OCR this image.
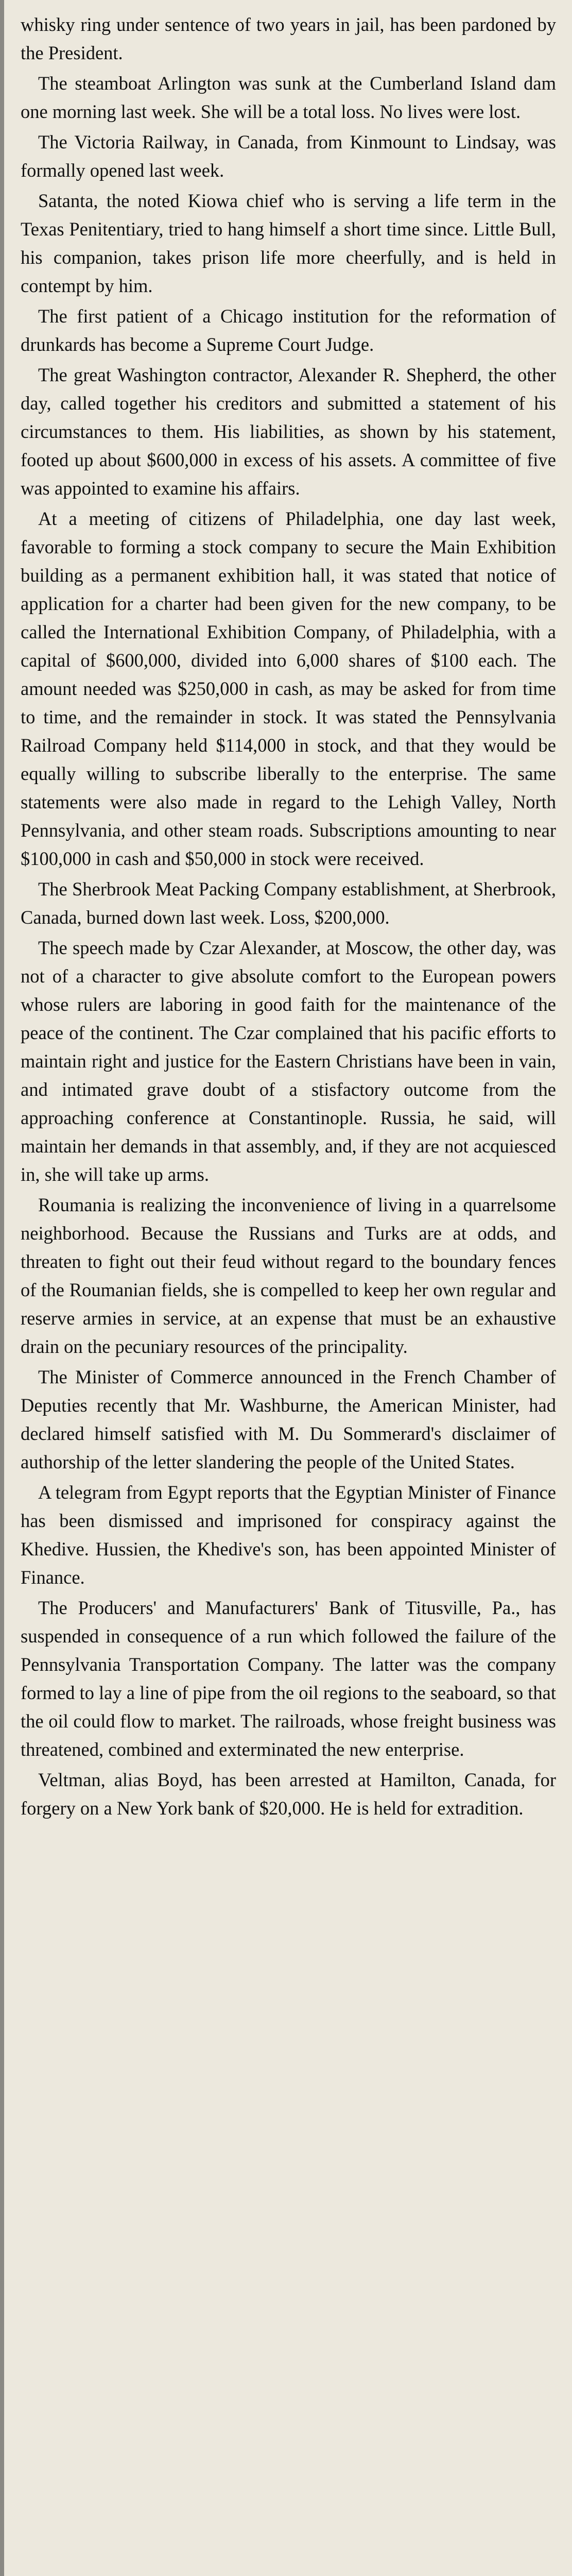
whisky ring under sentence of two years in jail, has been pardoned by the President.

The steamboat Arlington was sunk at the Cumberland Island dam one morning last week. She will be a total loss. No lives were lost.

The Victoria Railway, in Canada, from Kinmount to Lindsay, was formally opened last week.

Satanta, the noted Kiowa chief who is serving a life term in the Texas Penitentiary, tried to hang himself a short time since. Little Bull, his companion, takes prison life more cheerfully, and is held in contempt by him.

The first patient of a Chicago institution for the reformation of drunkards has become a Supreme Court Judge.

The great Washington contractor, Alexander R. Shepherd, the other day, called together his creditors and submitted a statement of his circumstances to them. His liabilities, as shown by his statement, footed up about $600,000 in excess of his assets. A committee of five was appointed to examine his affairs.

At a meeting of citizens of Philadelphia, one day last week, favorable to forming a stock company to secure the Main Exhibition building as a permanent exhibition hall, it was stated that notice of application for a charter had been given for the new company, to be called the International Exhibition Company, of Philadelphia, with a capital of $600,000, divided into 6,000 shares of $100 each. The amount needed was $250,000 in cash, as may be asked for from time to time, and the remainder in stock. It was stated the Pennsylvania Railroad Company held $114,000 in stock, and that they would be equally willing to subscribe liberally to the enterprise. The same statements were also made in regard to the Lehigh Valley, North Pennsylvania, and other steam roads. Subscriptions amounting to near $100,000 in cash and $50,000 in stock were received.

The Sherbrook Meat Packing Company establishment, at Sherbrook, Canada, burned down last week. Loss, $200,000.

The speech made by Czar Alexander, at Moscow, the other day, was not of a character to give absolute comfort to the European powers whose rulers are laboring in good faith for the maintenance of the peace of the continent. The Czar complained that his pacific efforts to maintain right and justice for the Eastern Christians have been in vain, and intimated grave doubt of a stisfactory outcome from the approaching conference at Constantinople. Russia, he said, will maintain her demands in that assembly, and, if they are not acquiesced in, she will take up arms.

Roumania is realizing the inconvenience of living in a quarrelsome neighborhood. Because the Russians and Turks are at odds, and threaten to fight out their feud without regard to the boundary fences of the Roumanian fields, she is compelled to keep her own regular and reserve armies in service, at an expense that must be an exhaustive drain on the pecuniary resources of the principality.

The Minister of Commerce announced in the French Chamber of Deputies recently that Mr. Washburne, the American Minister, had declared himself satisfied with M. Du Sommerard's disclaimer of authorship of the letter slandering the people of the United States.

A telegram from Egypt reports that the Egyptian Minister of Finance has been dismissed and imprisoned for conspiracy against the Khedive. Hussien, the Khedive's son, has been appointed Minister of Finance.

The Producers' and Manufacturers' Bank of Titusville, Pa., has suspended in consequence of a run which followed the failure of the Pennsylvania Transportation Company. The latter was the company formed to lay a line of pipe from the oil regions to the seaboard, so that the oil could flow to market. The railroads, whose freight business was threatened, combined and exterminated the new enterprise.

Veltman, alias Boyd, has been arrested at Hamilton, Canada, for forgery on a New York bank of $20,000. He is held for extradition.
